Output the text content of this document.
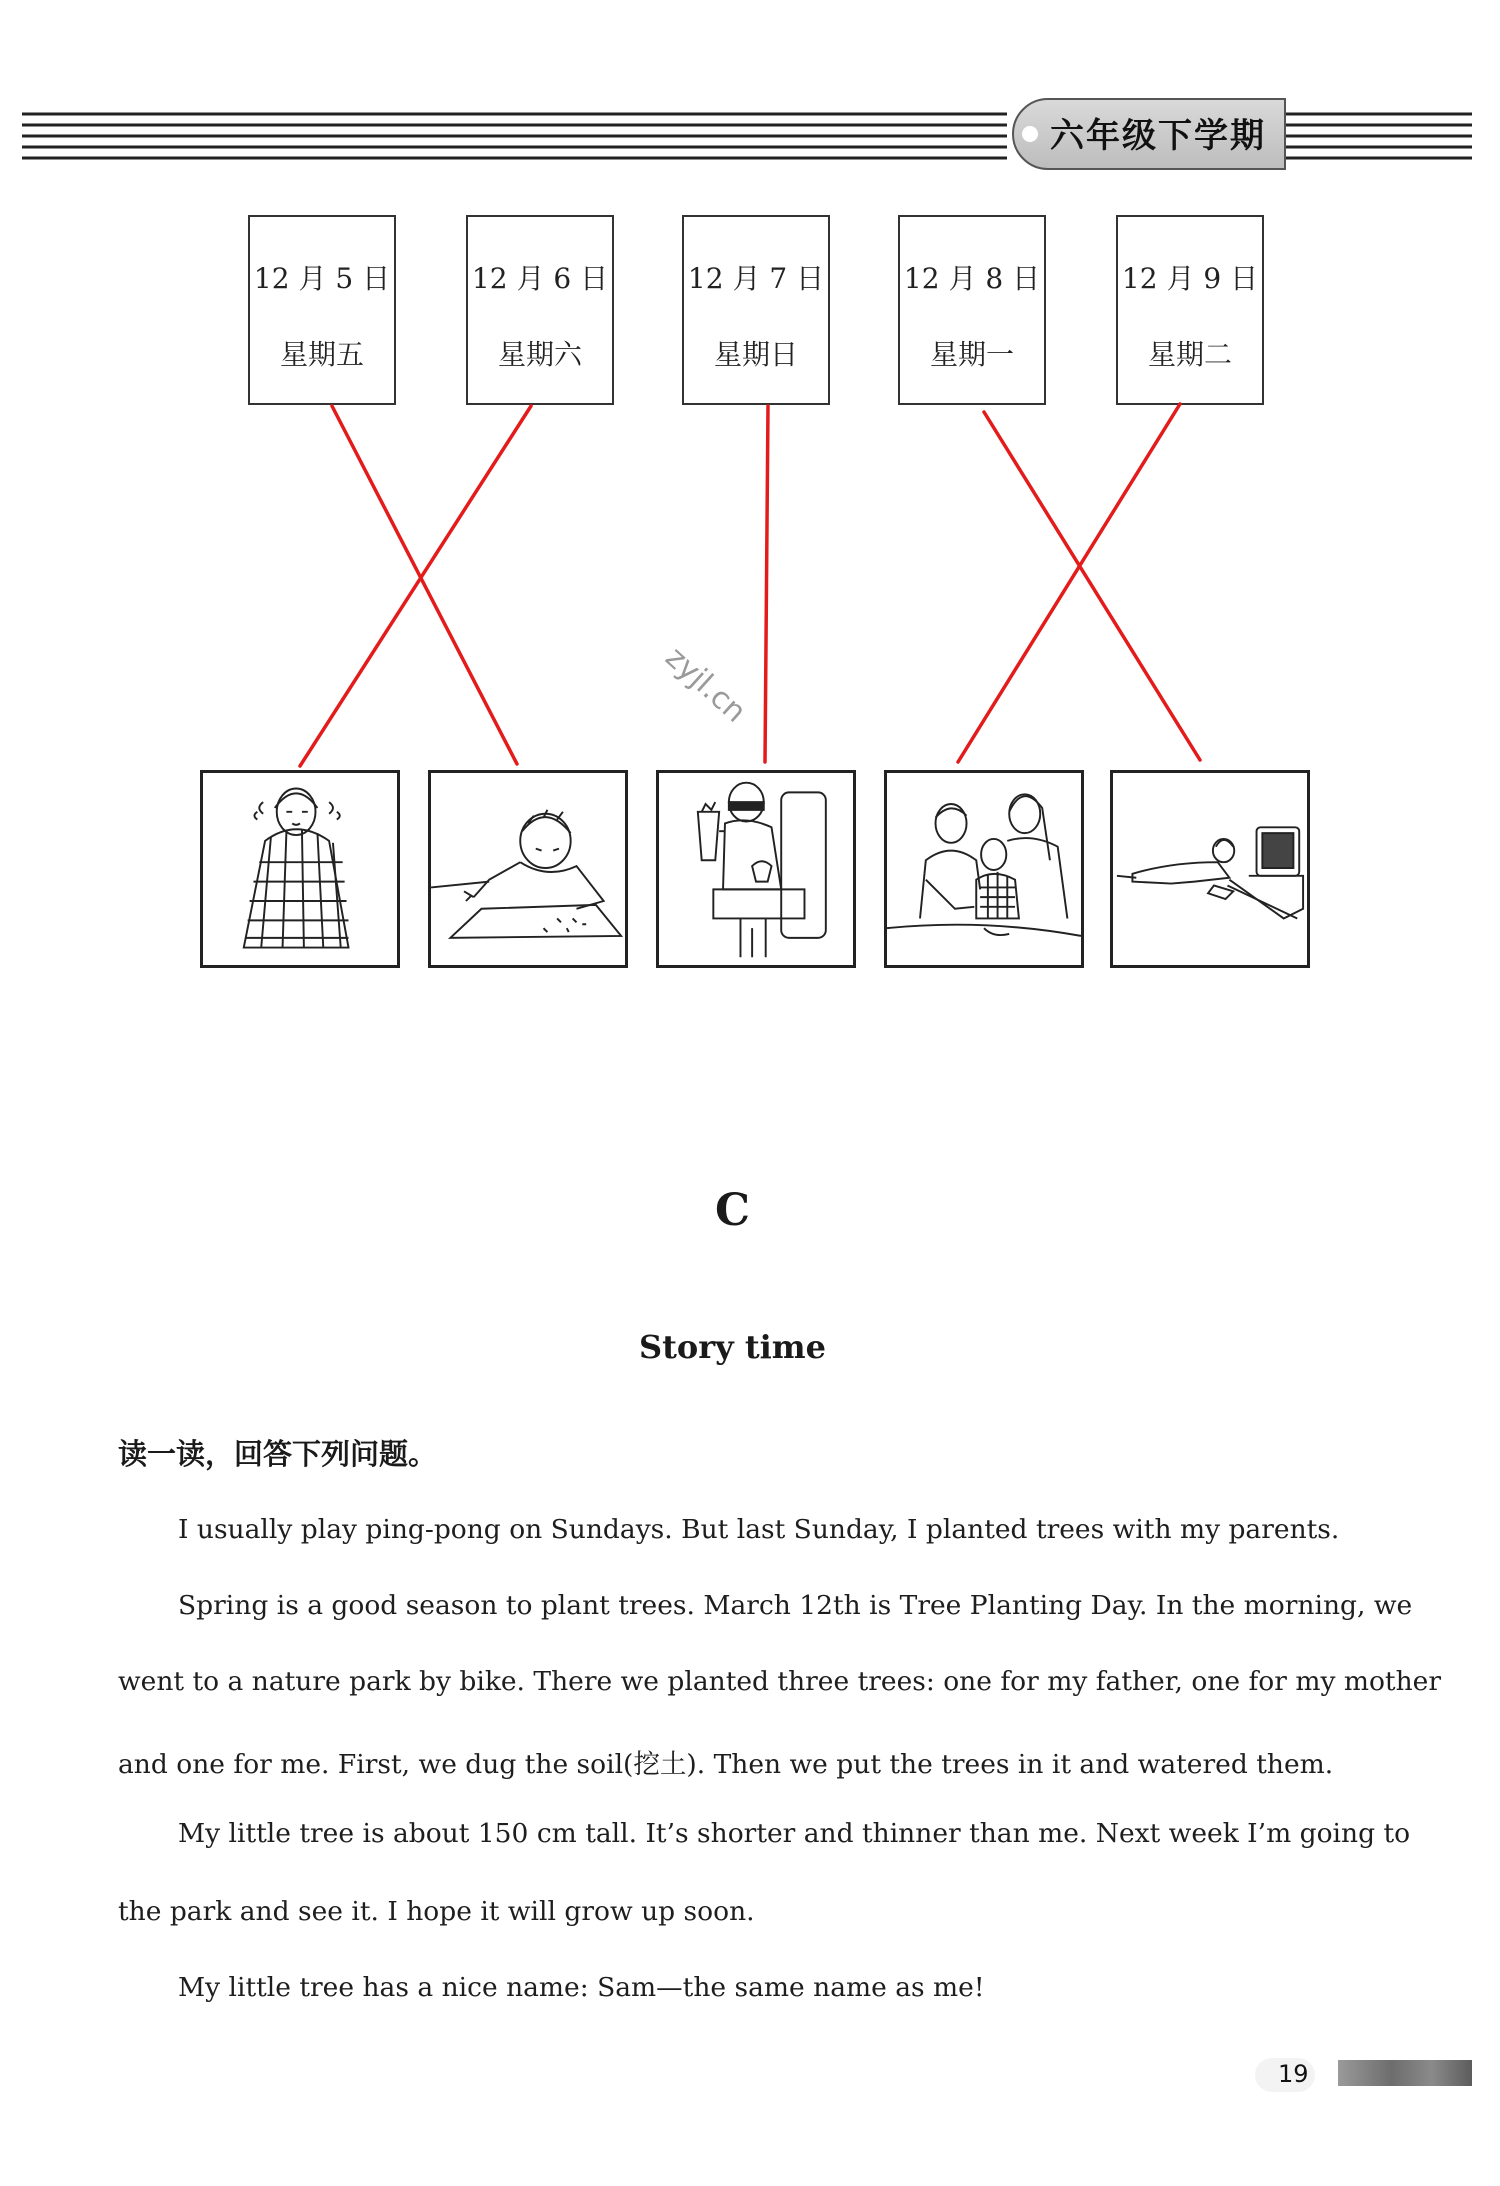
六年级下学期
12 月 5 日
星期五
12 月 6 日
星期六
12 月 7 日
星期日
12 月 8 日
星期一
12 月 9 日
星期二
zyjl.cn
C
Story time
读一读，回答下列问题。
I usually play ping-pong on Sundays. But last Sunday, I planted trees with my parents.
Spring is a good season to plant trees. March 12th is Tree Planting Day. In the morning, we
went to a nature park by bike. There we planted three trees: one for my father, one for my mother
and one for me. First, we dug the soil(挖土). Then we put the trees in it and watered them.
My little tree is about 150 cm tall. It’s shorter and thinner than me. Next week I’m going to
the park and see it. I hope it will grow up soon.
My little tree has a nice name: Sam—the same name as me!
19
